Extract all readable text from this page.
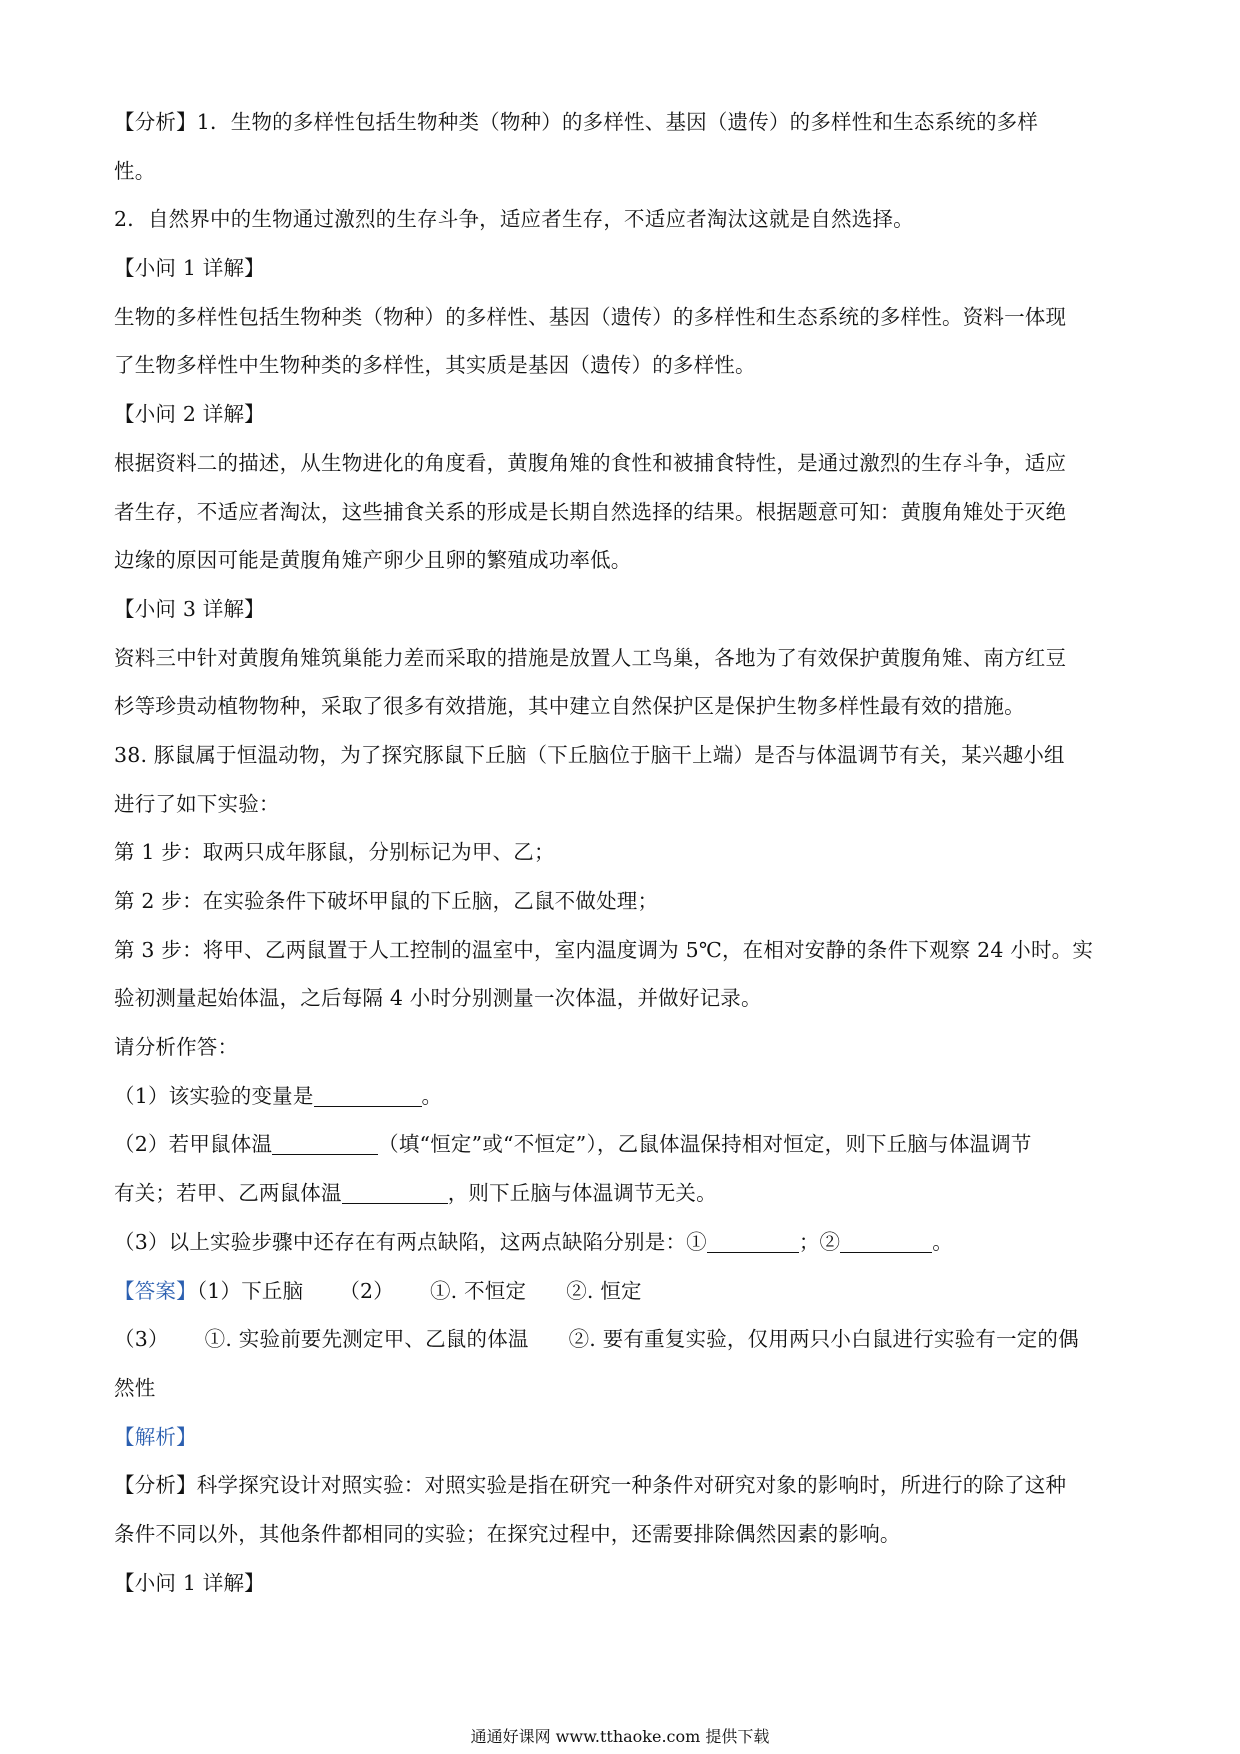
【分析】1．生物的多样性包括生物种类（物种）的多样性、基因（遗传）的多样性和生态系统的多样
性。
2．自然界中的生物通过激烈的生存斗争，适应者生存，不适应者淘汰这就是自然选择。
【小问 1 详解】
生物的多样性包括生物种类（物种）的多样性、基因（遗传）的多样性和生态系统的多样性。资料一体现
了生物多样性中生物种类的多样性，其实质是基因（遗传）的多样性。
【小问 2 详解】
根据资料二的描述，从生物进化的角度看，黄腹角雉的食性和被捕食特性，是通过激烈的生存斗争，适应
者生存，不适应者淘汰，这些捕食关系的形成是长期自然选择的结果。根据题意可知：黄腹角雉处于灭绝
边缘的原因可能是黄腹角雉产卵少且卵的繁殖成功率低。
【小问 3 详解】
资料三中针对黄腹角雉筑巢能力差而采取的措施是放置人工鸟巢，各地为了有效保护黄腹角雉、南方红豆
杉等珍贵动植物物种，采取了很多有效措施，其中建立自然保护区是保护生物多样性最有效的措施。
38. 豚鼠属于恒温动物，为了探究豚鼠下丘脑（下丘脑位于脑干上端）是否与体温调节有关，某兴趣小组
进行了如下实验：
第 1 步：取两只成年豚鼠，分别标记为甲、乙；
第 2 步：在实验条件下破坏甲鼠的下丘脑，乙鼠不做处理；
第 3 步：将甲、乙两鼠置于人工控制的温室中，室内温度调为 5℃，在相对安静的条件下观察 24 小时。实
验初测量起始体温，之后每隔 4 小时分别测量一次体温，并做好记录。
请分析作答：
（1）该实验的变量是	。
（2）若甲鼠体温	（填“恒定”或“不恒定”），乙鼠体温保持相对恒定，则下丘脑与体温调节
有关；若甲、乙两鼠体温	，则下丘脑与体温调节无关。
（3）以上实验步骤中还存在有两点缺陷，这两点缺陷分别是：①	；②	。
【答案】（1）下丘脑 （2） ①. 不恒定 ②. 恒定
（3） ①. 实验前要先测定甲、乙鼠的体温 ②. 要有重复实验，仅用两只小白鼠进行实验有一定的偶
然性
【解析】
【分析】科学探究设计对照实验：对照实验是指在研究一种条件对研究对象的影响时，所进行的除了这种
条件不同以外，其他条件都相同的实验；在探究过程中，还需要排除偶然因素的影响。
【小问 1 详解】
通通好课网 www.tthaoke.com 提供下载
